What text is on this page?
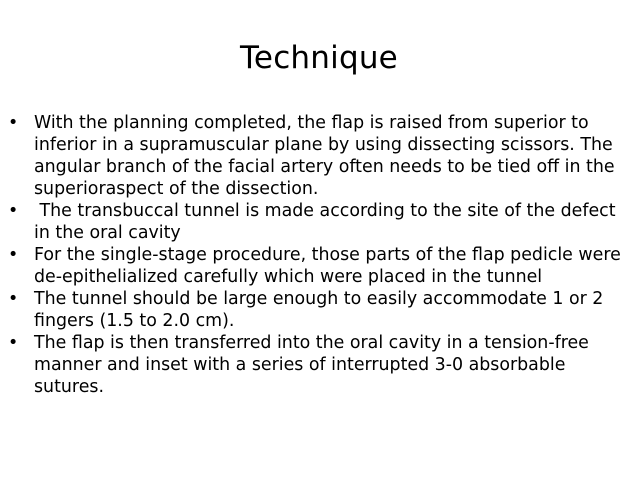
Technique
• With the planning completed, the flap is raised from superior to inferior in a supramuscular plane by using dissecting scissors. The angular branch of the facial artery often needs to be tied off in the superioraspect of the dissection.
• The transbuccal tunnel is made according to the site of the defect in the oral cavity
• For the single-stage procedure, those parts of the flap pedicle were de-epithelialized carefully which were placed in the tunnel
• The tunnel should be large enough to easily accommodate 1 or 2 fingers (1.5 to 2.0 cm).
• The flap is then transferred into the oral cavity in a tension-free manner and inset with a series of interrupted 3-0 absorbable sutures.
